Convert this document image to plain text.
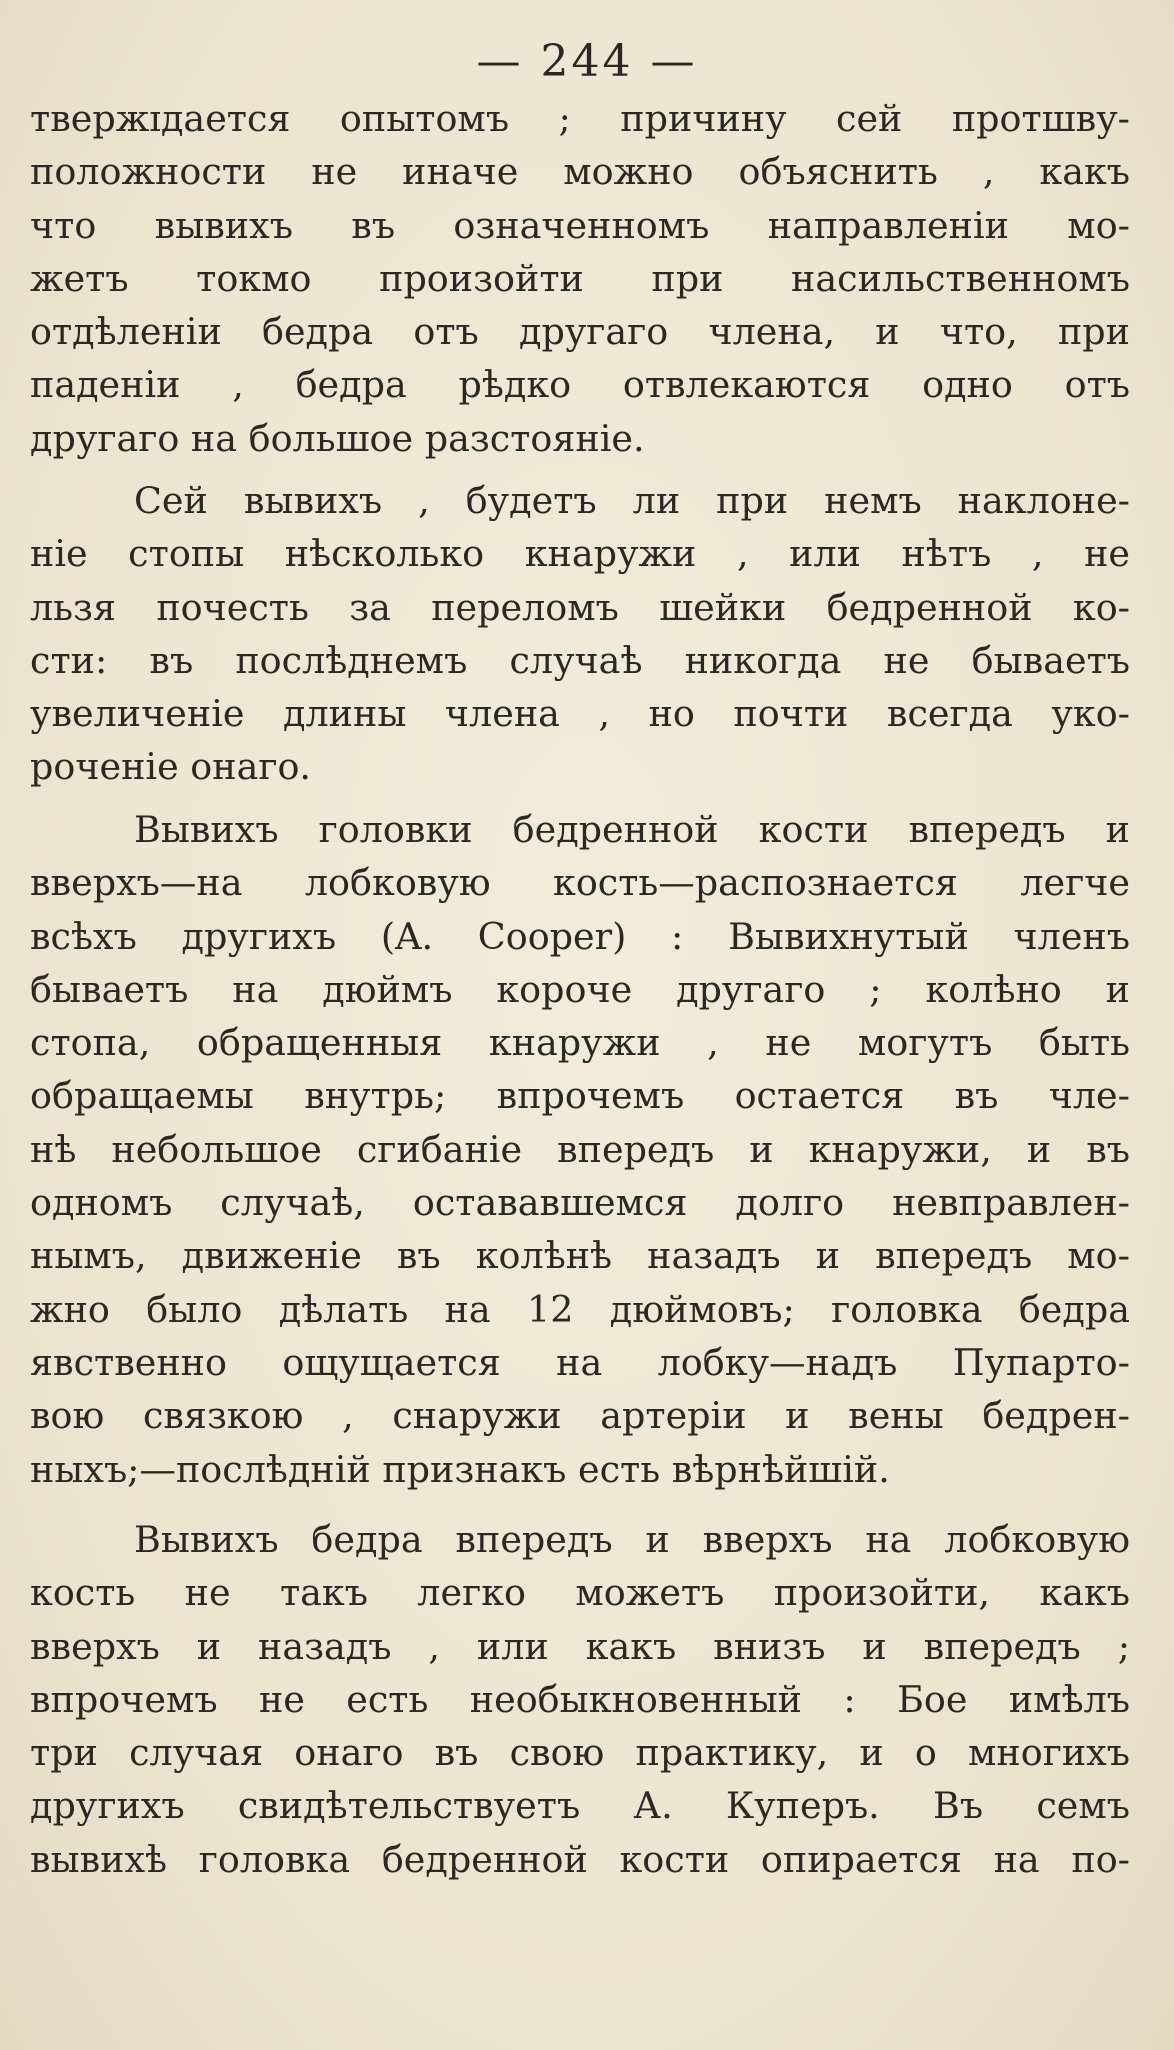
— 244 —
твержɪдается опытомъ ; причину сей протшву-
положности не иначе можно объяснить , какъ
что вывихъ въ означенномъ направленiи мо-
жетъ токмо произойти при насильственномъ
отдѣленiи бедра отъ другаго члена, и что, при
паденiи , бедра рѣдко отвлекаются одно отъ
другаго на большое разстоянiе.
Сей вывихъ , будетъ ли при немъ наклоне-
нiе стопы нѣсколько кнаружи , или нѣтъ , не
льзя почесть за переломъ шейки бедренной ко-
сти: въ послѣднемъ случаѣ никогда не бываетъ
увеличенiе длины члена , но почти всегда уко-
роченiе онаго.
Вывихъ головки бедренной кости впередъ и
вверхъ—на лобковую кость—распознается легче
всѣхъ другихъ (A. Cooper) : Вывихнутый членъ
бываетъ на дюймъ короче другаго ; колѣно и
стопа, обращенныя кнаружи , не могутъ быть
обращаемы внутрь; впрочемъ остается въ чле-
нѣ небольшое сгибанiе впередъ и кнаружи, и въ
одномъ случаѣ, остававшемся долго невправлен-
нымъ, движенiе въ колѣнѣ назадъ и впередъ мо-
жно было дѣлать на 12 дюймовъ; головка бедра
явственно ощущается на лобку—надъ Пупарто-
вою связкою , снаружи артерiи и вены бедрен-
ныхъ;—послѣднiй признакъ есть вѣрнѣйшiй.
Вывихъ бедра впередъ и вверхъ на лобковую
кость не такъ легко можетъ произойти, какъ
вверхъ и назадъ , или какъ внизъ и впередъ ;
впрочемъ не есть необыкновенный : Бое имѣлъ
три случая онаго въ свою практику, и о многихъ
другихъ свидѣтельствуетъ А. Куперъ. Въ семъ
вывихѣ головка бедренной кости опирается на по-
